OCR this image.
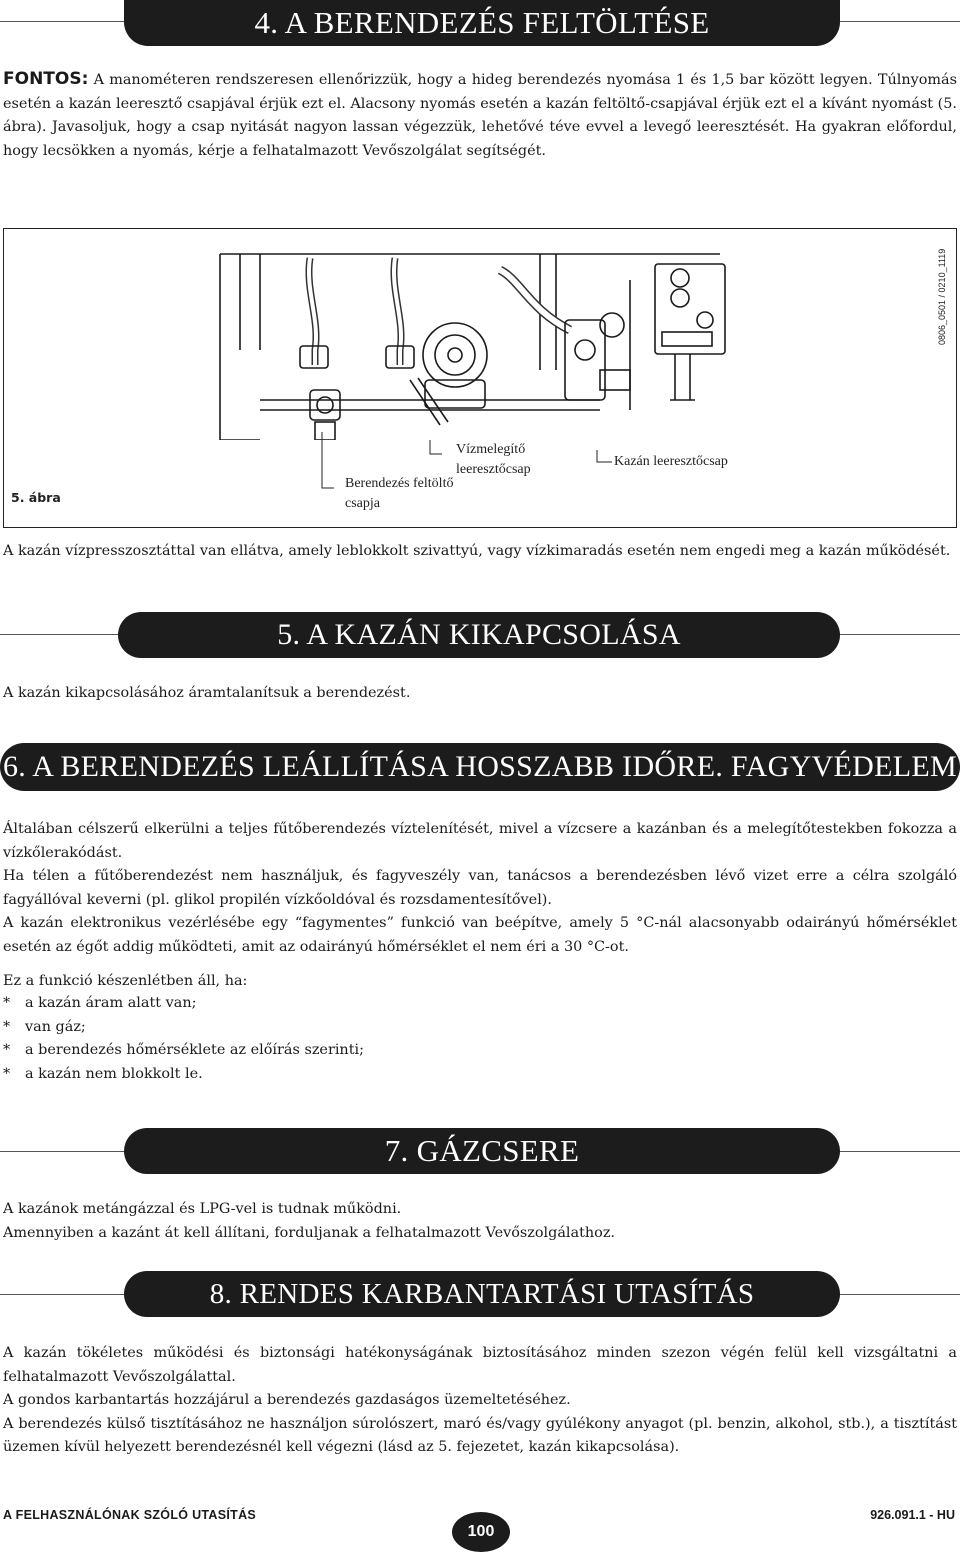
4. A BERENDEZÉS FELTÖLTÉSE
FONTOS: A manométeren rendszeresen ellenőrizzük, hogy a hideg berendezés nyomása 1 és 1,5 bar között legyen. Túlnyomás esetén a kazán leeresztő csapjával érjük ezt el. Alacsony nyomás esetén a kazán feltöltő-csapjával érjük ezt el a kívánt nyomást (5. ábra). Javasoljuk, hogy a csap nyitását nagyon lassan végezzük, lehetővé téve evvel a levegő leeresztését. Ha gyakran előfordul, hogy lecsökken a nyomás, kérje a felhatalmazott Vevőszolgálat segítségét.
5. ábra
Berendezés feltöltő csapja
Vízmelegítő leeresztőcsap
Kazán leeresztőcsap
0806_0501 / 0210_1119
A kazán vízpresszosztáttal van ellátva, amely leblokkolt szivattyú, vagy vízkimaradás esetén nem engedi meg a kazán működését.
5. A KAZÁN KIKAPCSOLÁSA
A kazán kikapcsolásához áramtalanítsuk a berendezést.
6. A BERENDEZÉS LEÁLLÍTÁSA HOSSZABB IDŐRE. FAGYVÉDELEM

Általában célszerű elkerülni a teljes fűtőberendezés víztelenítését, mivel a vízcsere a kazánban és a melegítőtestekben fokozza a vízkőlerakódást.

Ha télen a fűtőberendezést nem használjuk, és fagyveszély van, tanácsos a berendezésben lévő vizet erre a célra szolgáló fagyállóval keverni (pl. glikol propilén vízkőoldóval és rozsdamentesítővel).

A kazán elektronikus vezérlésébe egy “fagymentes” funkció van beépítve, amely 5 °C-nál alacsonyabb odairányú hőmérséklet esetén az égőt addig működteti, amit az odairányú hőmérséklet el nem éri a 30 °C-ot.

Ez a funkció készenlétben áll, ha:
*	a kazán áram alatt van;
*	van gáz;
*	a berendezés hőmérséklete az előírás szerinti;
*	a kazán nem blokkolt le.
7. GÁZCSERE

A kazánok metángázzal és LPG-vel is tudnak működni.

Amennyiben a kazánt át kell állítani, forduljanak a felhatalmazott Vevőszolgálathoz.

8. RENDES KARBANTARTÁSI UTASÍTÁS

A kazán tökéletes működési és biztonsági hatékonyságának biztosításához minden szezon végén felül kell vizsgáltatni a felhatalmazott Vevőszolgálattal.

A gondos karbantartás hozzájárul a berendezés gazdaságos üzemeltetéséhez.

A berendezés külső tisztításához ne használjon súrolószert, maró és/vagy gyúlékony anyagot (pl. benzin, alkohol, stb.), a tisztítást üzemen kívül helyezett berendezésnél kell végezni (lásd az 5. fejezetet, kazán kikapcsolása).

A FELHASZNÁLÓNAK SZÓLÓ UTASÍTÁS
100
926.091.1 - HU
